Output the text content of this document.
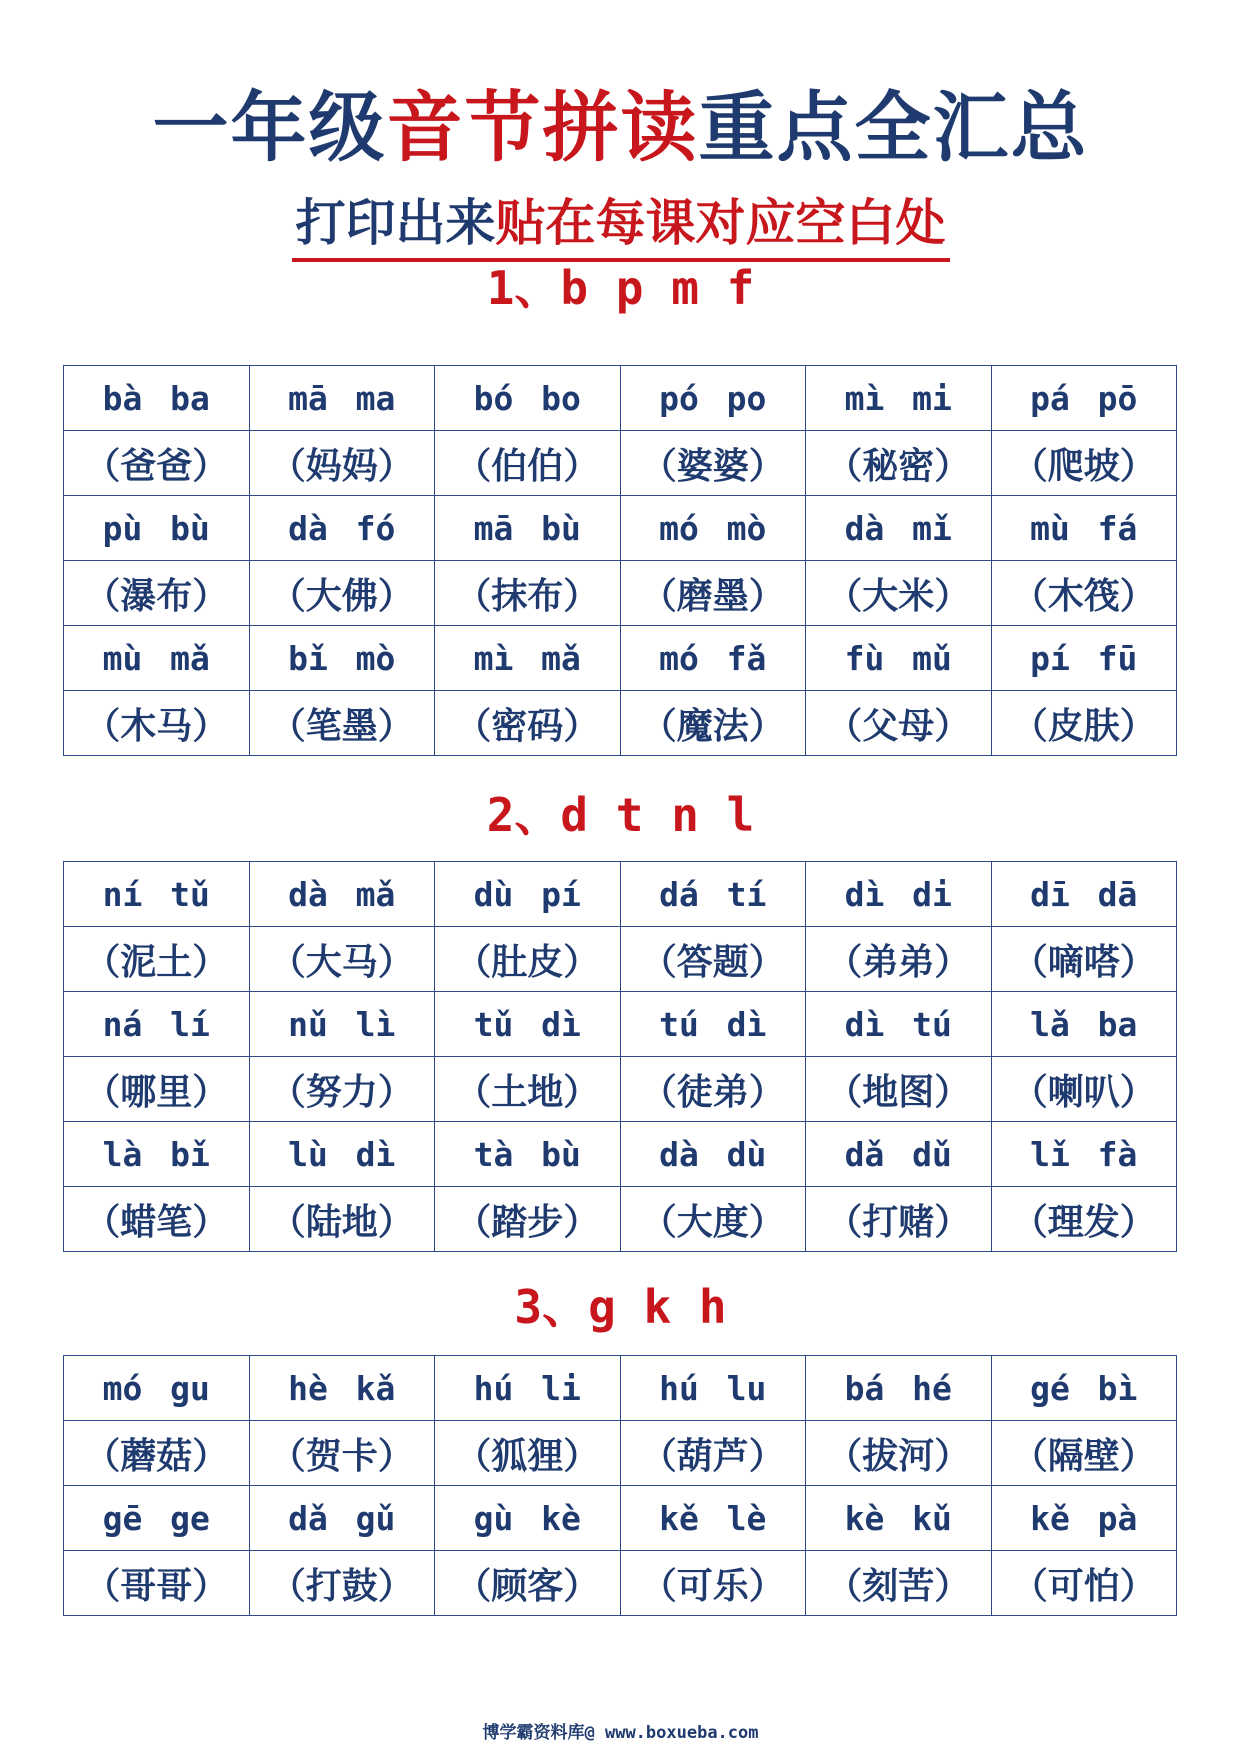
一年级音节拼读重点全汇总
打印出来贴在每课对应空白处
1、b p m f
bà ba	mā ma	bó bo	pó po	mì mi	pá pō
（爸爸）	（妈妈）	（伯伯）	（婆婆）	（秘密）	（爬坡）
pù bù	dà fó	mā bù	mó mò	dà mǐ	mù fá
（瀑布）	（大佛）	（抹布）	（磨墨）	（大米）	（木筏）
mù mǎ	bǐ mò	mì mǎ	mó fǎ	fù mǔ	pí fū
（木马）	（笔墨）	（密码）	（魔法）	（父母）	（皮肤）
2、d t n l
ní tǔ	dà mǎ	dù pí	dá tí	dì di	dī dā
（泥土）	（大马）	（肚皮）	（答题）	（弟弟）	（嘀嗒）
ná lí	nǔ lì	tǔ dì	tú dì	dì tú	lǎ ba
（哪里）	（努力）	（土地）	（徒弟）	（地图）	（喇叭）
là bǐ	lù dì	tà bù	dà dù	dǎ dǔ	lǐ fà
（蜡笔）	（陆地）	（踏步）	（大度）	（打赌）	（理发）
3、g k h
mó gu	hè kǎ	hú li	hú lu	bá hé	gé bì
（蘑菇）	（贺卡）	（狐狸）	（葫芦）	（拔河）	（隔壁）
gē ge	dǎ gǔ	gù kè	kě lè	kè kǔ	kě pà
（哥哥）	（打鼓）	（顾客）	（可乐）	（刻苦）	（可怕）
博学霸资料库@ www.boxueba.com
